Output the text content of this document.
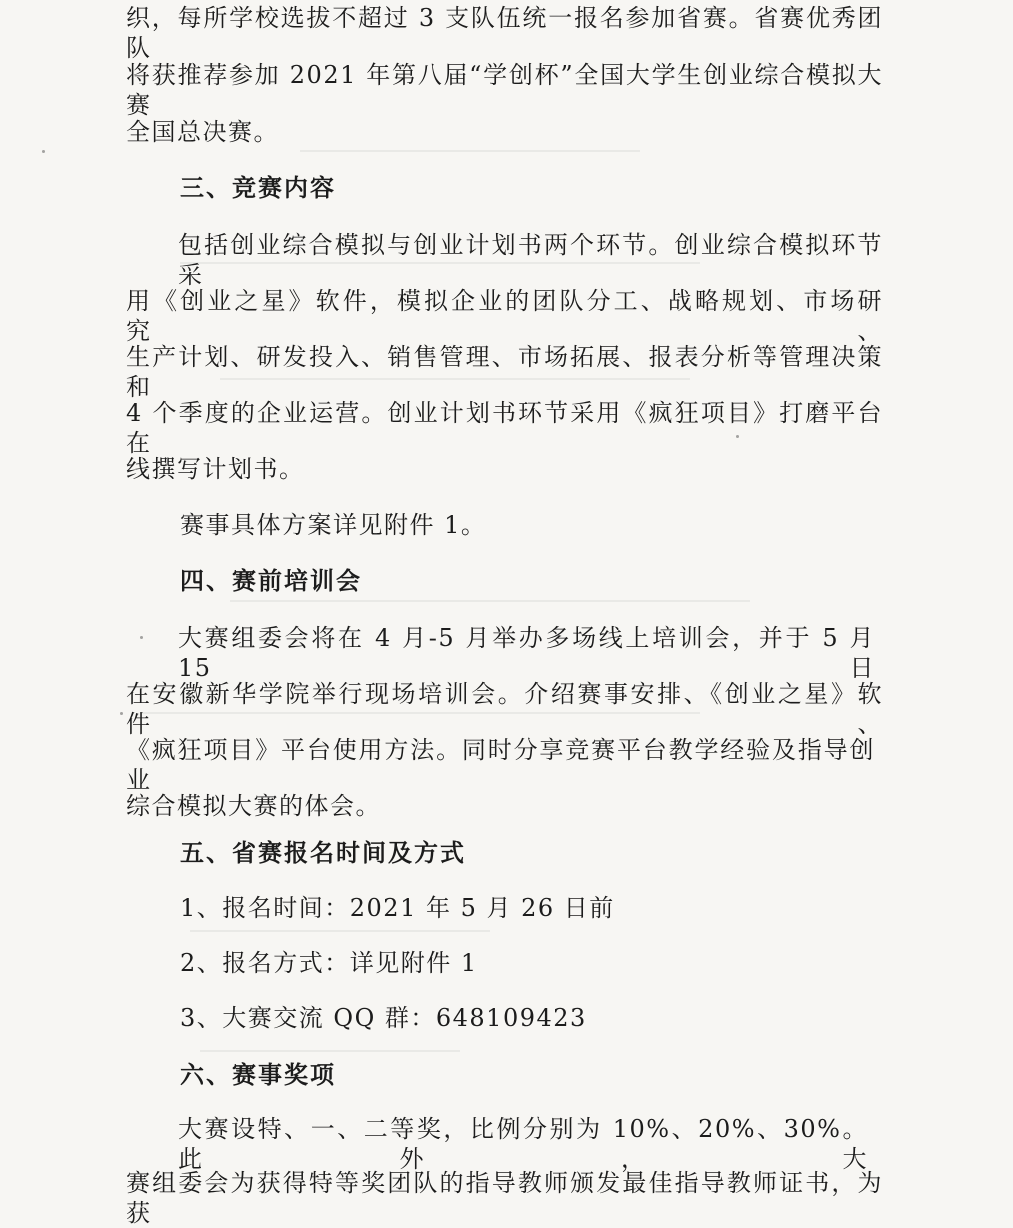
织，每所学校选拔不超过 3 支队伍统一报名参加省赛。省赛优秀团队
将获推荐参加 2021 年第八届“学创杯”全国大学生创业综合模拟大赛
全国总决赛。
三、竞赛内容
包括创业综合模拟与创业计划书两个环节。创业综合模拟环节采
用《创业之星》软件，模拟企业的团队分工、战略规划、市场研究、
生产计划、研发投入、销售管理、市场拓展、报表分析等管理决策和
4 个季度的企业运营。创业计划书环节采用《疯狂项目》打磨平台在
线撰写计划书。
赛事具体方案详见附件 1。
四、赛前培训会
大赛组委会将在 4 月-5 月举办多场线上培训会，并于 5 月 15 日
在安徽新华学院举行现场培训会。介绍赛事安排、《创业之星》软件、
《疯狂项目》平台使用方法。同时分享竞赛平台教学经验及指导创业
综合模拟大赛的体会。
五、省赛报名时间及方式
1、报名时间：2021 年 5 月 26 日前
2、报名方式：详见附件 1
3、大赛交流 QQ 群：648109423
六、赛事奖项
大赛设特、一、二等奖，比例分别为 10%、20%、30%。此外，大
赛组委会为获得特等奖团队的指导教师颁发最佳指导教师证书，为获
